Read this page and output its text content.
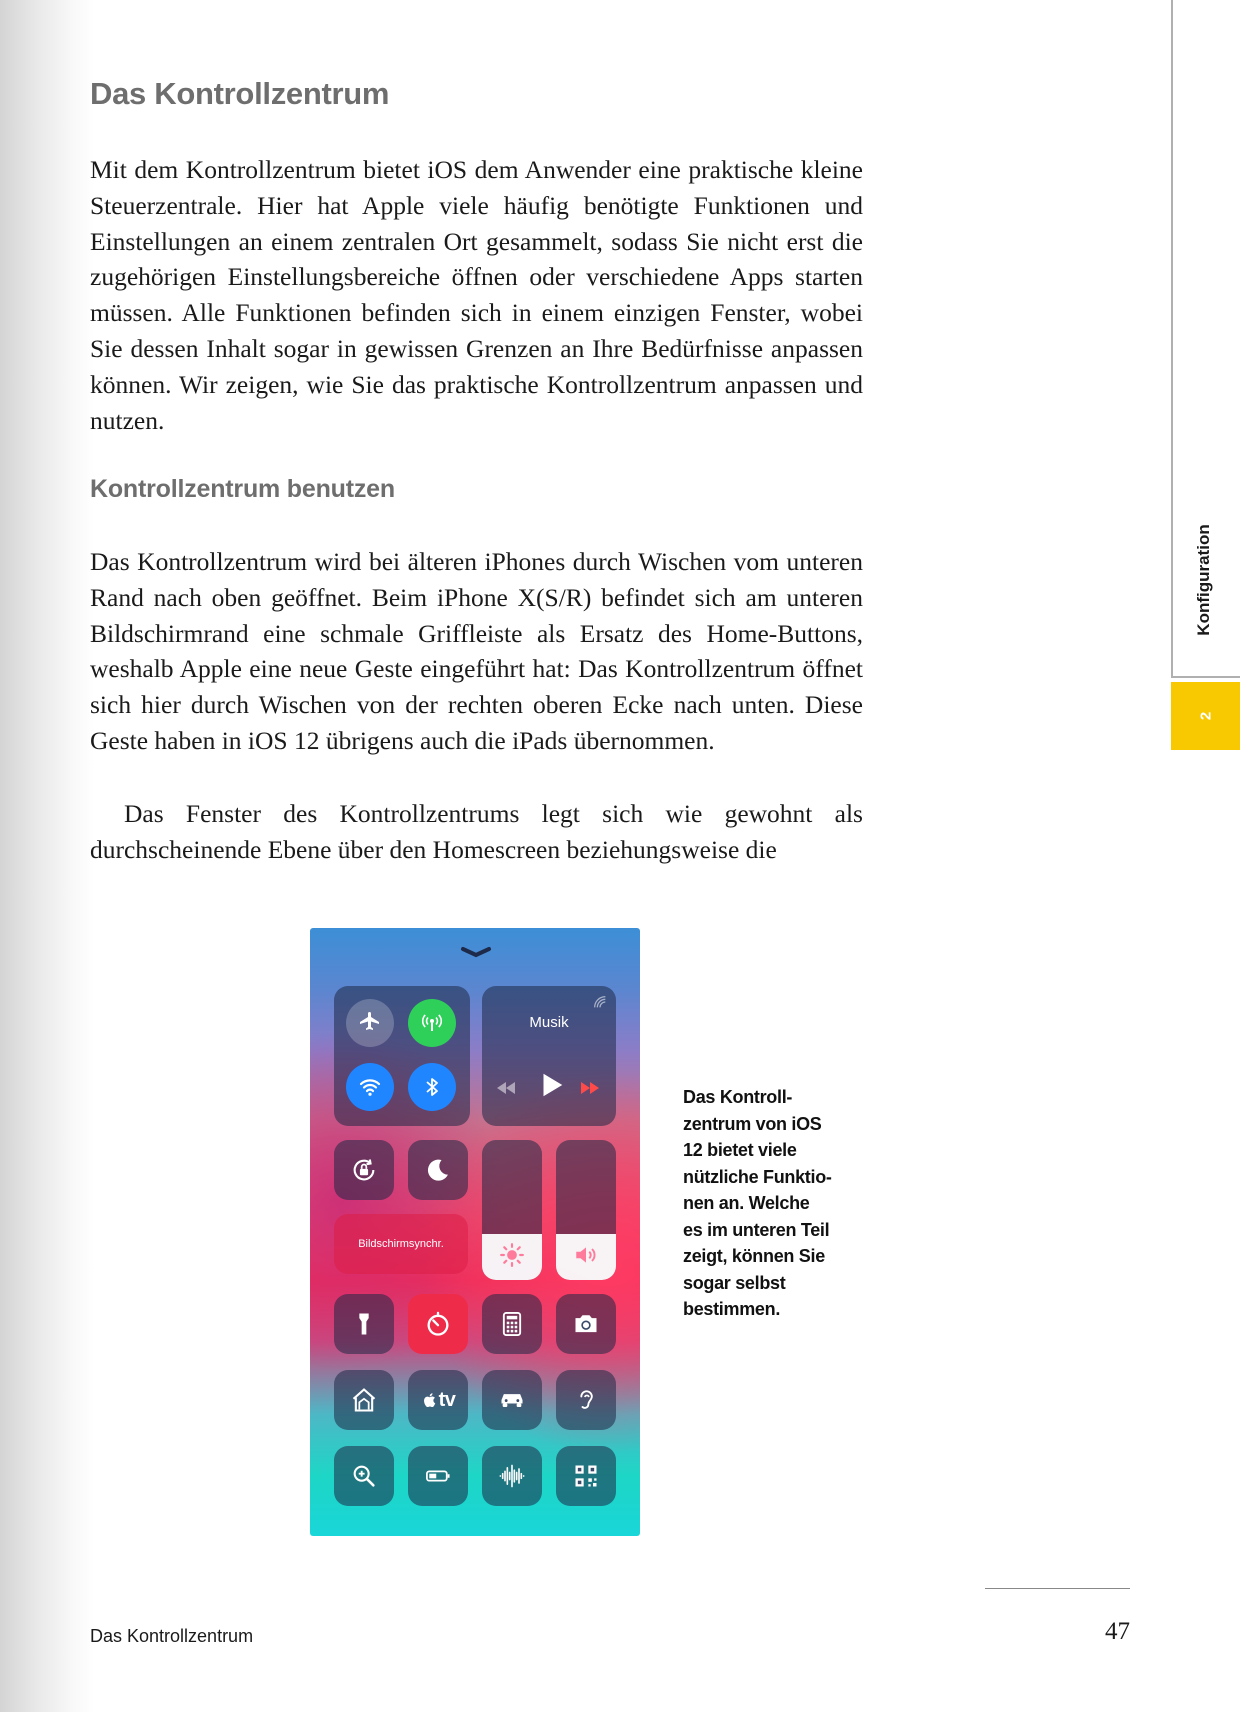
Das Kontrollzentrum

Mit dem Kontrollzentrum bietet iOS dem Anwender eine praktische kleine Steuerzentrale. Hier hat Apple viele häufig benötigte Funktionen und Einstellungen an einem zentralen Ort gesammelt, sodass Sie nicht erst die zugehörigen Einstellungsbereiche öffnen oder verschiedene Apps starten müssen. Alle Funktionen befinden sich in einem einzigen Fenster, wobei Sie dessen Inhalt sogar in gewissen Grenzen an Ihre Bedürfnisse anpassen können. Wir zeigen, wie Sie das praktische Kontrollzentrum anpassen und nutzen.

Kontrollzentrum benutzen

Das Kontrollzentrum wird bei älteren iPhones durch Wischen vom unteren Rand nach oben geöffnet. Beim iPhone X(S/R) befindet sich am unteren Bildschirmrand eine schmale Griffleiste als Ersatz des Home-Buttons, weshalb Apple eine neue Geste eingeführt hat: Das Kontrollzentrum öffnet sich hier durch Wischen von der rechten oberen Ecke nach unten. Diese Geste haben in iOS 12 übrigens auch die iPads übernommen.

Das Fenster des Kontrollzentrums legt sich wie gewohnt als durchscheinende Ebene über den Homescreen beziehungsweise die

Konfiguration
2
Musik
Bildschirmsynchr.
tv

Das Kontrollzentrum von iOS 12 bietet viele nützliche Funktionen an. Welche es im unteren Teil zeigt, können Sie sogar selbst bestimmen.

Das Kontrollzentrum	47
